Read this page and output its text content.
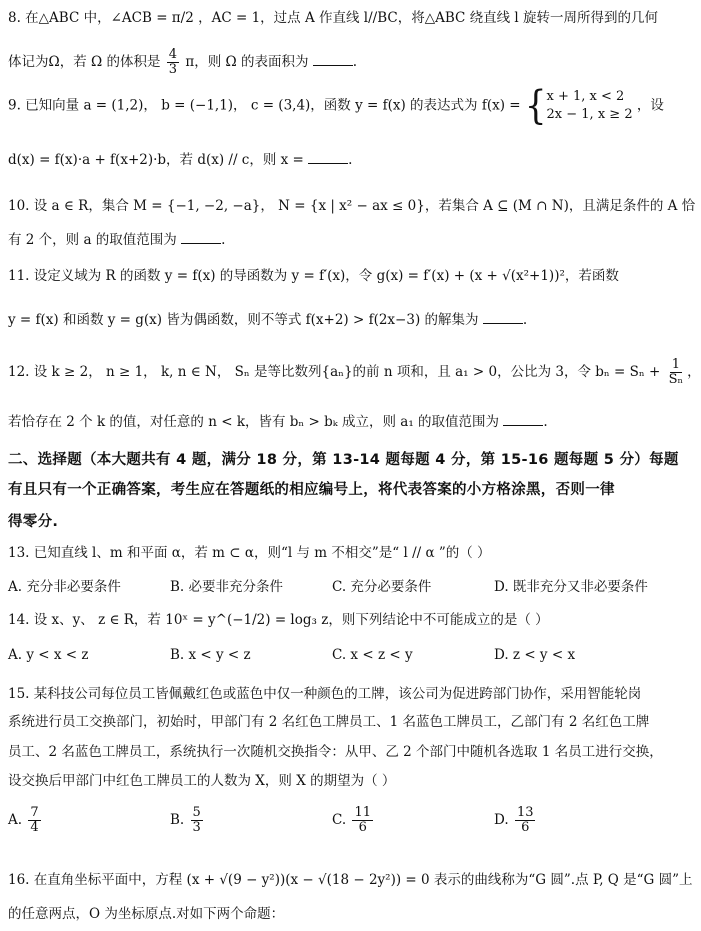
8. 在△ABC 中，∠ACB = π/2 ，AC = 1，过点 A 作直线 l//BC，将△ABC 绕直线 l 旋转一周所得到的几何
体记为Ω，若 Ω 的体积是 $\frac{4}{3}$ π，则 Ω 的表面积为	.
9. 已知向量 a = (1,2)， b = (−1,1)， c = (3,4)，函数 y = f(x) 的表达式为 f(x) = { x + 1, x < 2
2x − 1, x ≥ 2
，设
d(x) = f(x)·a + f(x+2)·b，若 d(x) // c，则 x =	.
10. 设 a ∈ R，集合 M = {−1, −2, −a}， N = {x | x² − ax ≤ 0}，若集合 A ⊆ (M ∩ N)，且满足条件的 A 恰
有 2 个，则 a 的取值范围为	.
11. 设定义域为 R 的函数 y = f(x) 的导函数为 y = f′(x)，令 g(x) = f′(x) + (x + √(x²+1))²，若函数
y = f(x) 和函数 y = g(x) 皆为偶函数，则不等式 f(x+2) > f(2x−3) 的解集为	.
12. 设 k ≥ 2， n ≥ 1， k, n ∈ N， Sₙ 是等比数列{aₙ}的前 n 项和，且 a₁ > 0，公比为 3，令 $b_n = S_n + \frac{1}{\text{Sₙ}}$ ，
若恰存在 2 个 k 的值，对任意的 n < k，皆有 bₙ > bₖ 成立，则 a₁ 的取值范围为	.
二、选择题（本大题共有 4 题，满分 18 分，第 13-14 题每题 4 分，第 15-16 题每题 5 分）每题
有且只有一个正确答案，考生应在答题纸的相应编号上，将代表答案的小方格涂黑，否则一律
得零分.
13. 已知直线 l、m 和平面 α，若 m ⊂ α，则“l 与 m 不相交”是“ l // α ”的（ ）
A. 充分非必要条件	B. 必要非充分条件	C. 充分必要条件	D. 既非充分又非必要条件
14. 设 x、y、 z ∈ R，若 10ˣ = y^(−1/2) = log₃ z，则下列结论中不可能成立的是（ ）
A. y < x < z	B. x < y < z	C. x < z < y	D. z < y < x
15. 某科技公司每位员工皆佩戴红色或蓝色中仅一种颜色的工牌，该公司为促进跨部门协作，采用智能轮岗
系统进行员工交换部门，初始时，甲部门有 2 名红色工牌员工、1 名蓝色工牌员工，乙部门有 2 名红色工牌
员工、2 名蓝色工牌员工，系统执行一次随机交换指令：从甲、乙 2 个部门中随机各选取 1 名员工进行交换，
设交换后甲部门中红色工牌员工的人数为 X，则 X 的期望为（ ）
A. $\frac{7}{4}$	B. $\frac{5}{3}$	C. $\frac{11}{6}$	D. $\frac{13}{6}$
16. 在直角坐标平面中，方程 (x + √(9 − y²))(x − √(18 − 2y²)) = 0 表示的曲线称为“G 圆”.点 P, Q 是“G 圆”上
的任意两点，O 为坐标原点.对如下两个命题：
